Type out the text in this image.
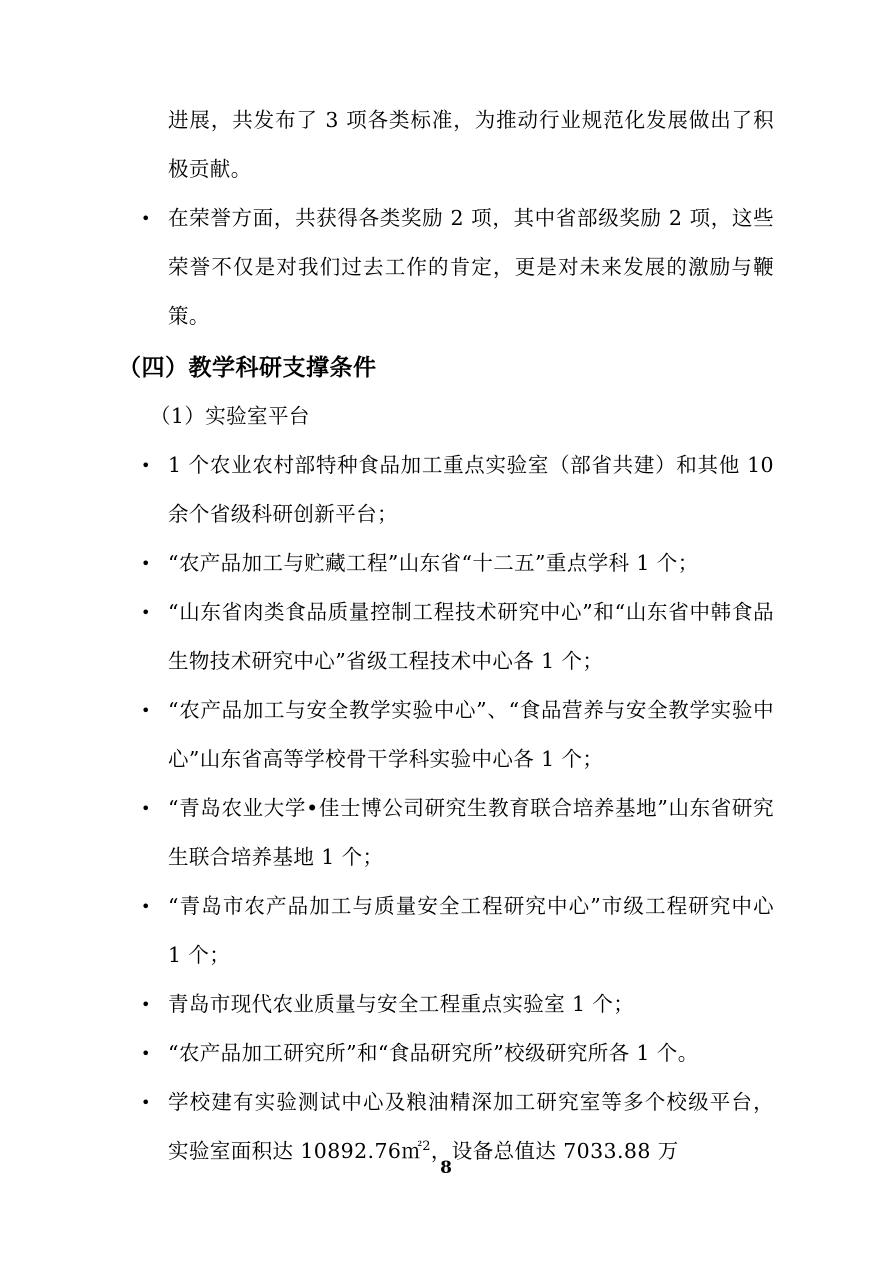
进展，共发布了 3 项各类标准，为推动行业规范化发展做出了积极贡献。

• 在荣誉方面，共获得各类奖励 2 项，其中省部级奖励 2 项，这些荣誉不仅是对我们过去工作的肯定，更是对未来发展的激励与鞭策。
（四）教学科研支撑条件

（1）实验室平台

• 1 个农业农村部特种食品加工重点实验室（部省共建）和其他 10 余个省级科研创新平台；
• “农产品加工与贮藏工程”山东省“十二五”重点学科 1 个；
• “山东省肉类食品质量控制工程技术研究中心”和“山东省中韩食品生物技术研究中心”省级工程技术中心各 1 个；
• “农产品加工与安全教学实验中心”、“食品营养与安全教学实验中心”山东省高等学校骨干学科实验中心各 1 个；
• “青岛农业大学•佳士博公司研究生教育联合培养基地”山东省研究生联合培养基地 1 个；
• “青岛市农产品加工与质量安全工程研究中心”市级工程研究中心 1 个；
• 青岛市现代农业质量与安全工程重点实验室 1 个；
• “农产品加工研究所”和“食品研究所”校级研究所各 1 个。
• 学校建有实验测试中心及粮油精深加工研究室等多个校级平台，实验室面积达 10892.76㎡$^2$，设备总值达 7033.88 万
8
